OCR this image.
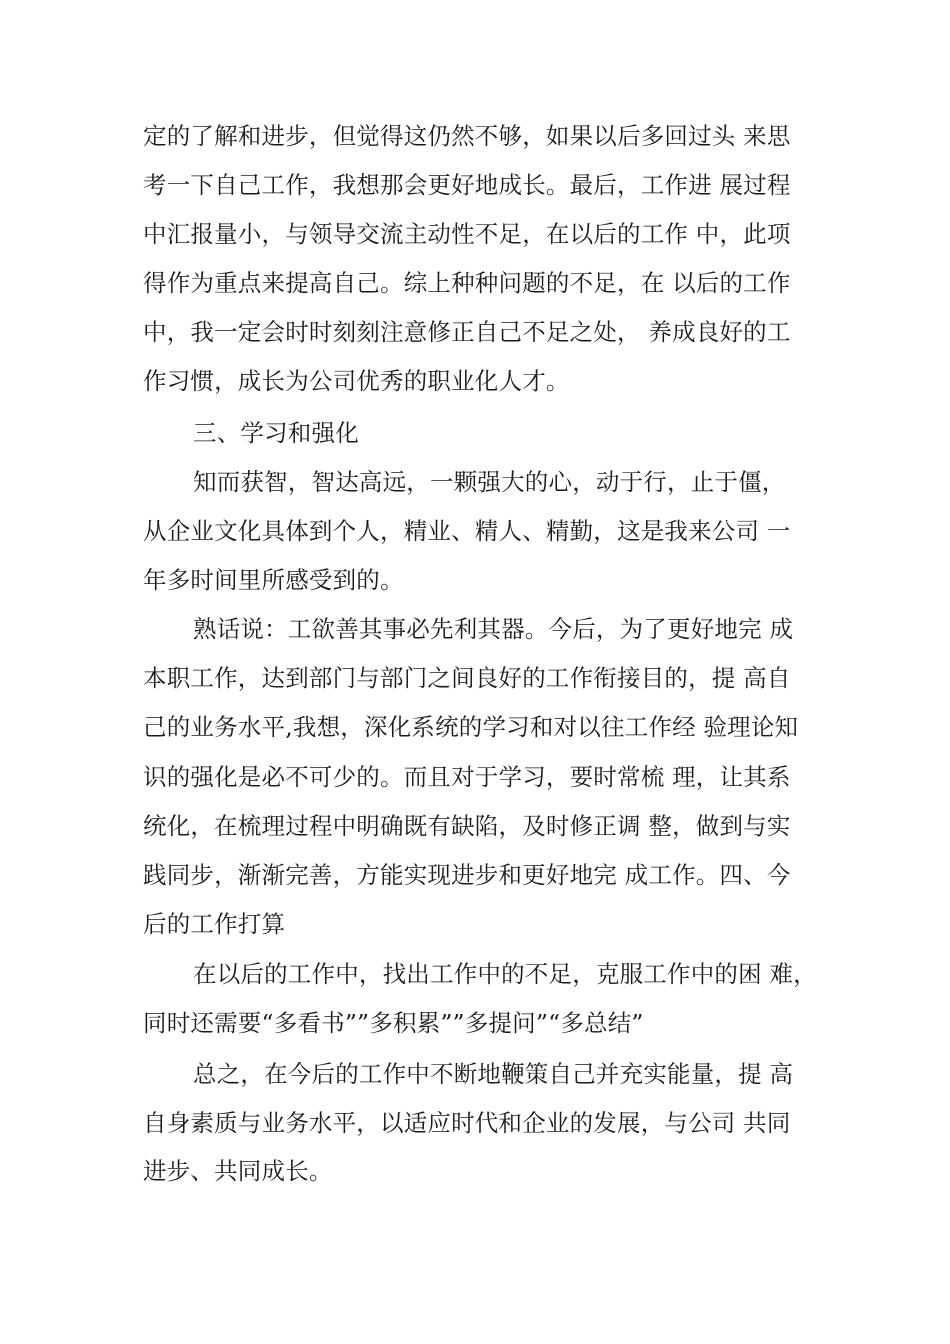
定的了解和进步，但觉得这仍然不够，如果以后多回过头 来思
考一下自己工作，我想那会更好地成长。最后，工作进 展过程
中汇报量小，与领导交流主动性不足，在以后的工作 中，此项
得作为重点来提高自己。综上种种问题的不足，在 以后的工作
中，我一定会时时刻刻注意修正自己不足之处， 养成良好的工
作习惯，成长为公司优秀的职业化人才。
三、学习和强化
知而获智，智达高远，一颗强大的心，动于行，止于僵，
从企业文化具体到个人，精业、精人、精勤，这是我来公司 一
年多时间里所感受到的。
熟话说：工欲善其事必先利其器。今后，为了更好地完 成
本职工作，达到部门与部门之间良好的工作衔接目的，提 高自
己的业务水平,我想，深化系统的学习和对以往工作经 验理论知
识的强化是必不可少的。而且对于学习，要时常梳 理，让其系
统化，在梳理过程中明确既有缺陷，及时修正调 整，做到与实
践同步，渐渐完善，方能实现进步和更好地完 成工作。四、今
后的工作打算
在以后的工作中，找出工作中的不足，克服工作中的困 难，
同时还需要“多看书””多积累””多提问”“多总结”
总之，在今后的工作中不断地鞭策自己并充实能量，提 高
自身素质与业务水平，以适应时代和企业的发展，与公司 共同
进步、共同成长。
